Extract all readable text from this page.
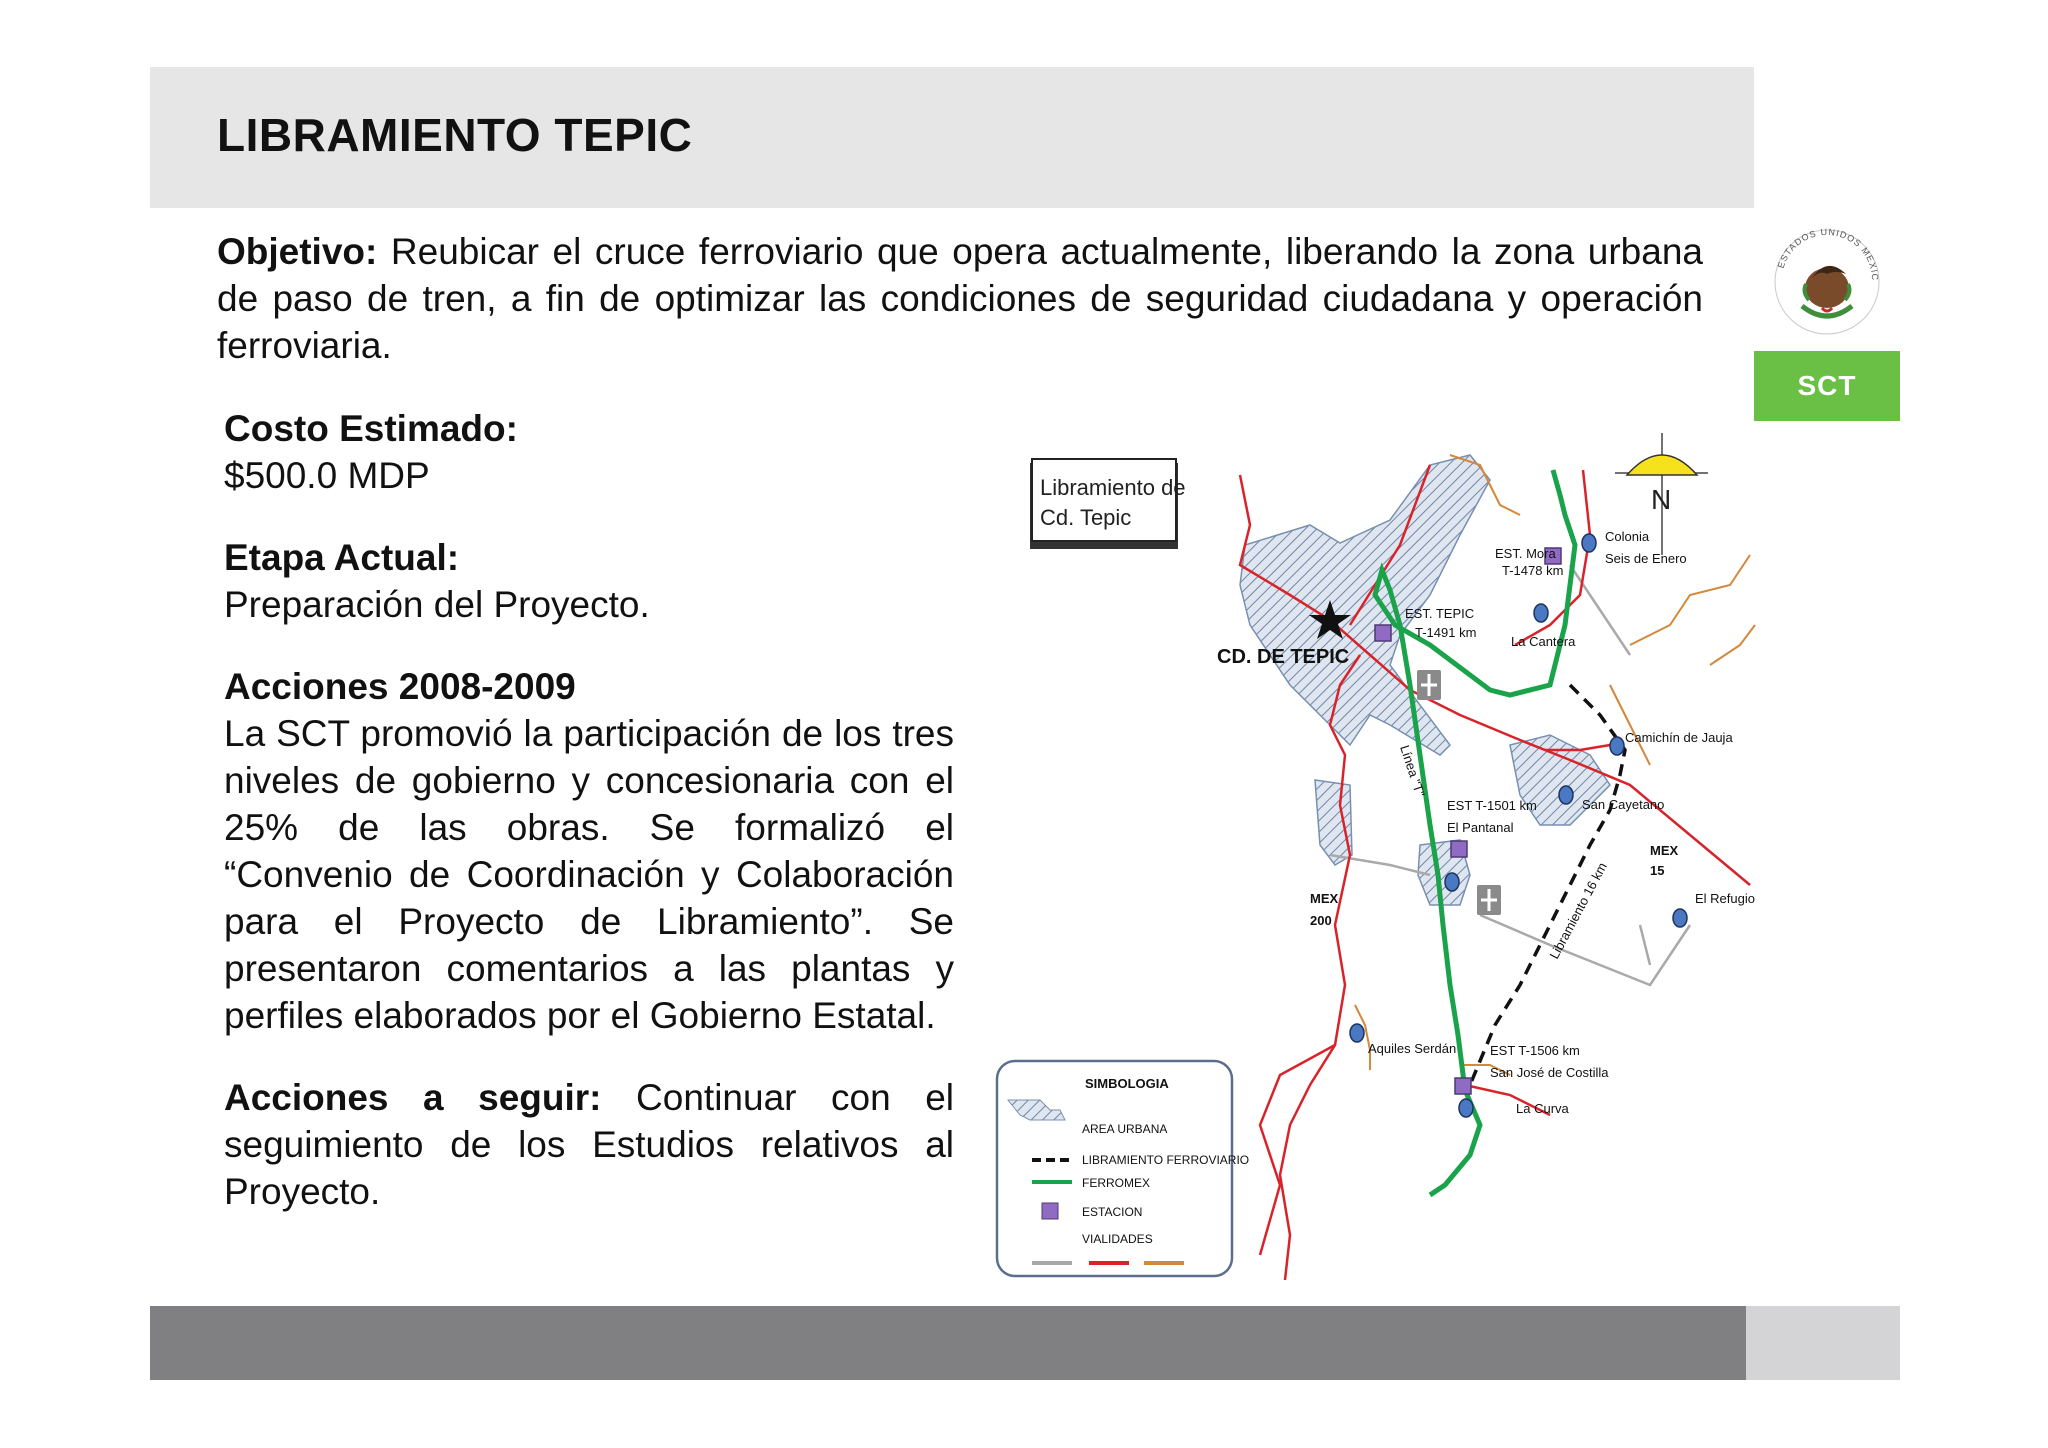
LIBRAMIENTO TEPIC
ESTADOS UNIDOS MEXIC
SCT

Objetivo: Reubicar el cruce ferroviario que opera actualmente, liberando la zona urbana de paso de tren, a fin de optimizar las condiciones de seguridad ciudadana y operación ferroviaria.

Costo Estimado:
$500.0 MDP

Etapa Actual:
Preparación del Proyecto.

Acciones 2008-2009
La SCT promovió la participación de los tres niveles de gobierno y concesionaria con el 25% de las obras. Se formalizó el “Convenio de Coordinación y Colaboración para el Proyecto de Libramiento”. Se presentaron comentarios a las plantas y perfiles elaborados por el Gobierno Estatal.

Acciones a seguir: Continuar con el seguimiento de los Estudios relativos al Proyecto.

Libramiento de
Cd. Tepic
N
EST. Mora
T-1478 km
Colonia
Seis de Enero
EST. TEPIC
T-1491 km
La Cantera
Camichín de Jauja
San Cayetano
EST T-1501 km
El Pantanal
MEX
15
El Refugio
MEX
200
Aquiles Serdán	EST T-1506 km
San José de Costilla
La Curva
Línea "T"
Libramiento 16 km
CD. DE TEPIC
SIMBOLOGIA
AREA URBANA
LIBRAMIENTO FERROVIARIO
FERROMEX
ESTACION
VIALIDADES
